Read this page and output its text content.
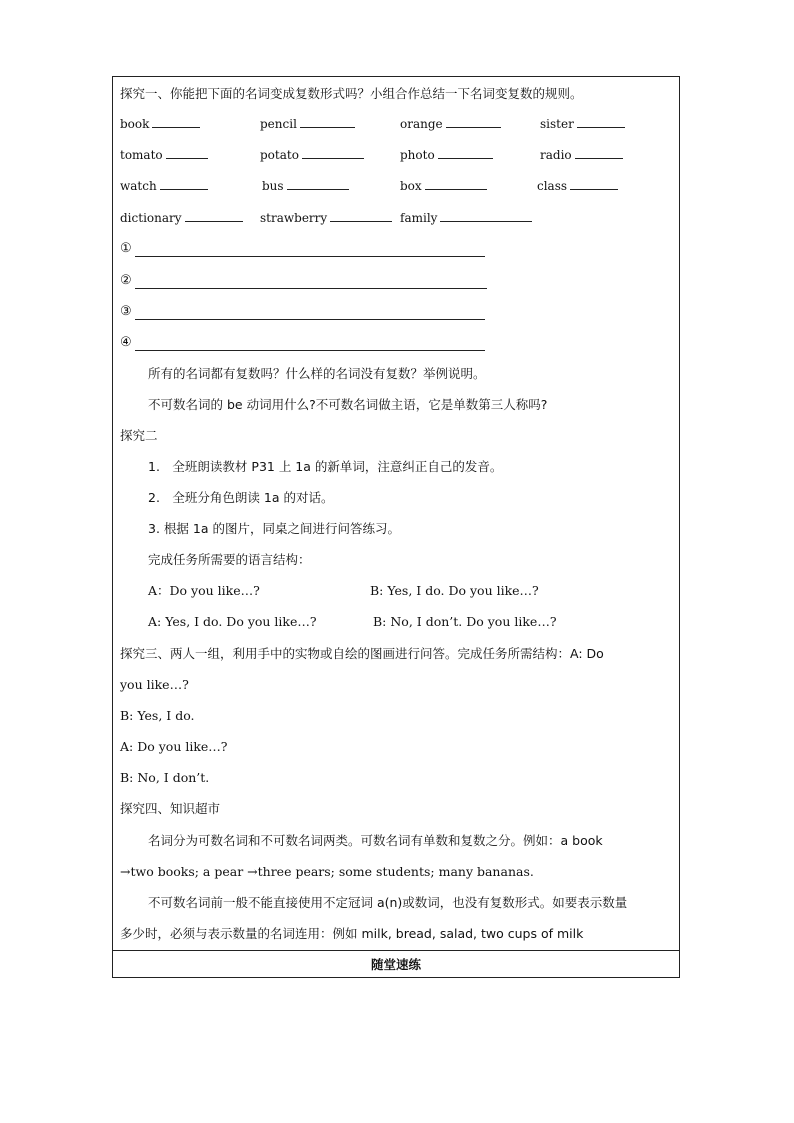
探究一、你能把下面的名词变成复数形式吗？小组合作总结一下名词变复数的规则。
book	pencil	orange	sister
tomato	potato	photo	radio
watch	bus	box	class
dictionary	strawberry	family
①
②
③
④
所有的名词都有复数吗？什么样的名词没有复数？举例说明。
不可数名词的 be 动词用什么?不可数名词做主语，它是单数第三人称吗?
探究二
1.　全班朗读教材 P31 上 1a 的新单词，注意纠正自己的发音。
2.　全班分角色朗读 1a 的对话。
3. 根据 1a 的图片，同桌之间进行问答练习。
完成任务所需要的语言结构：
A：Do you like…?	B: Yes, I do. Do you like…?
A: Yes, I do. Do you like…?	B: No, I don’t. Do you like…?
探究三、两人一组，利用手中的实物或自绘的图画进行问答。完成任务所需结构：A: Do
you like…?
B: Yes, I do.
A: Do you like…?
B: No, I don’t.
探究四、知识超市
名词分为可数名词和不可数名词两类。可数名词有单数和复数之分。例如：a book
→two books; a pear →three pears; some students; many bananas.
不可数名词前一般不能直接使用不定冠词 a(n)或数词，也没有复数形式。如要表示数量
多少时，必须与表示数量的名词连用：例如 milk, bread, salad, two cups of milk
随堂速练
